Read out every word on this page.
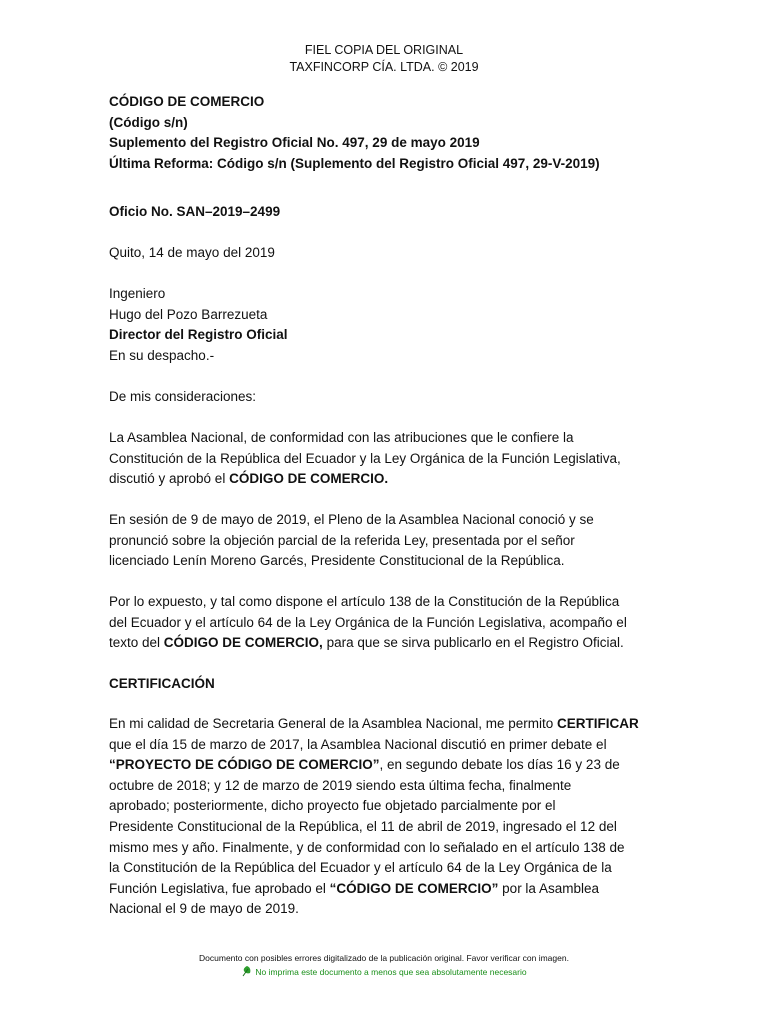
FIEL COPIA DEL ORIGINAL
TAXFINCORP CÍA. LTDA. © 2019
CÓDIGO DE COMERCIO
(Código s/n)
Suplemento del Registro Oficial No. 497, 29 de mayo 2019
Última Reforma: Código s/n (Suplemento del Registro Oficial 497, 29-V-2019)
Oficio No. SAN–2019–2499
Quito, 14 de mayo del 2019
Ingeniero
Hugo del Pozo Barrezueta
Director del Registro Oficial
En su despacho.-
De mis consideraciones:
La Asamblea Nacional, de conformidad con las atribuciones que le confiere la
Constitución de la República del Ecuador y la Ley Orgánica de la Función Legislativa,
discutió y aprobó el CÓDIGO DE COMERCIO.
En sesión de 9 de mayo de 2019, el Pleno de la Asamblea Nacional conoció y se
pronunció sobre la objeción parcial de la referida Ley, presentada por el señor
licenciado Lenín Moreno Garcés, Presidente Constitucional de la República.
Por lo expuesto, y tal como dispone el artículo 138 de la Constitución de la República
del Ecuador y el artículo 64 de la Ley Orgánica de la Función Legislativa, acompaño el
texto del CÓDIGO DE COMERCIO, para que se sirva publicarlo en el Registro Oficial.
CERTIFICACIÓN
En mi calidad de Secretaria General de la Asamblea Nacional, me permito CERTIFICAR
que el día 15 de marzo de 2017, la Asamblea Nacional discutió en primer debate el
“PROYECTO DE CÓDIGO DE COMERCIO”, en segundo debate los días 16 y 23 de
octubre de 2018; y 12 de marzo de 2019 siendo esta última fecha, finalmente
aprobado; posteriormente, dicho proyecto fue objetado parcialmente por el
Presidente Constitucional de la República, el 11 de abril de 2019, ingresado el 12 del
mismo mes y año. Finalmente, y de conformidad con lo señalado en el artículo 138 de
la Constitución de la República del Ecuador y el artículo 64 de la Ley Orgánica de la
Función Legislativa, fue aprobado el “CÓDIGO DE COMERCIO” por la Asamblea
Nacional el 9 de mayo de 2019.
Documento con posibles errores digitalizado de la publicación original. Favor verificar con imagen.
No imprima este documento a menos que sea absolutamente necesario
